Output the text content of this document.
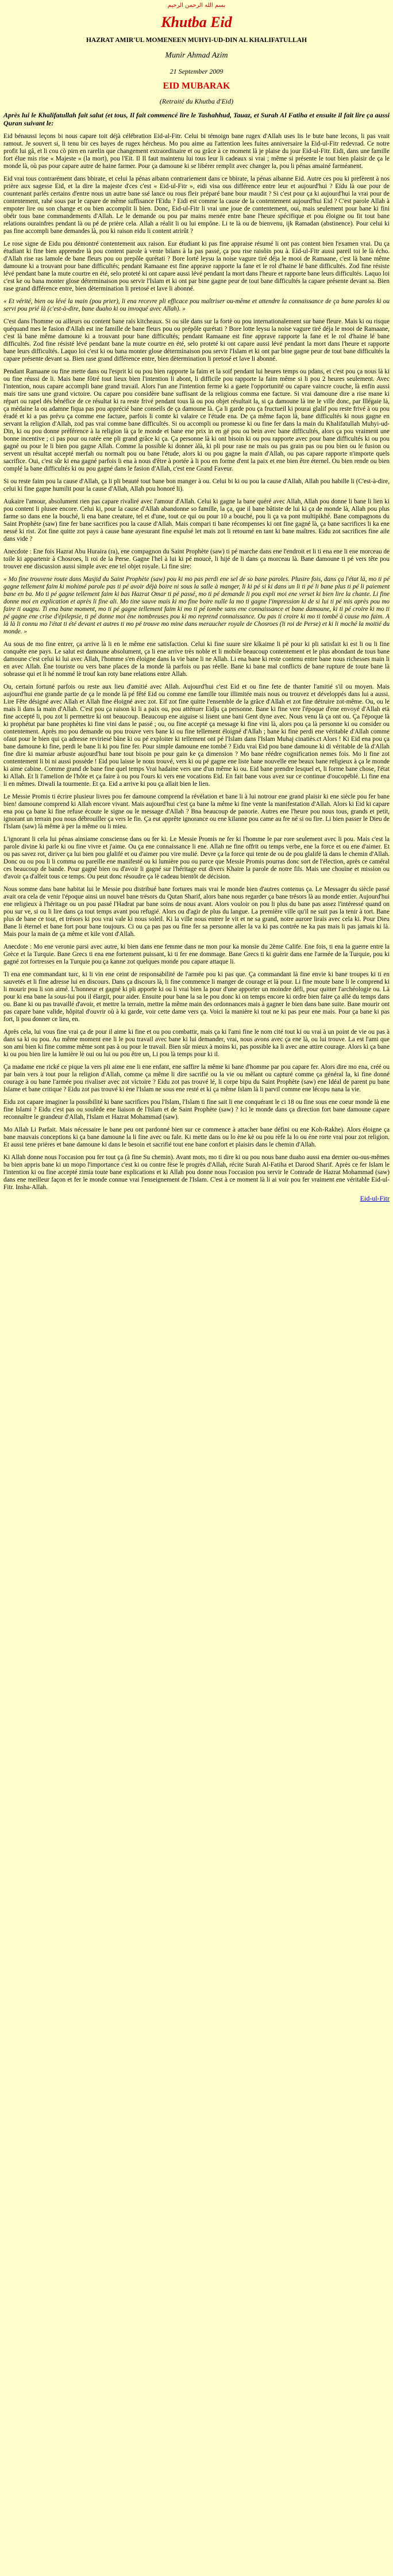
بسم الله الرحمن الرحيم
Khutba Eid
HAZRAT AMIR'UL MOMENEEN MUHYI-UD-DIN AL KHALIFATULLAH
Munir Ahmad Azim
21 September 2009
EID MUBARAK
(Retraité du Khutba d'Eid)
Après lui le Khalifatullah fait salut (et tous, Il fait commencé lire le Tashahhud, Tauaz, et Surah Al Fatiha et ensuite il fait lire ça aussi Quran suivant le:

Eid bénaussi leçons bi nous capare toit déjà célébration Eid-al-Fitr. Celui bi témoign bane rugex d'Allah uses lis le bute bane lecons, li pas vrait ramout. Je souvert si, li tenu bir ces bayes de rugex hércheus. Mo pou aime au l'attention lees fuites anniversaire la Eid-ul-Fitr redevrad. Ce notre profit lui gâ, et li cou cò pirn en rarelin que changement extraordinaire et ou grâce à ce moment là je plaise du jour Eid-ul-Fitr. Eidi, dans une famille fort élue mis rise « Majeste » (la mort), pou l'Eït. Il Il faut maintenu lui tous leur li cadeaux si vrai ; même si présente le tout bien plaisir de ça le monde là, où pas pour capare autre de haine farmer. Pour ça damoune ki se libérer remplit avec changer la, pou li pénas amainé farméanent.

Eid vrai tous contrarément dans bbirate, et celui la pénas aibann contrariement dans ce bbirate, la pénas aibanne Eid. Autre ces pou ki prefèrent à nos prière aux sagesse Eid, et la dire la majeste d'ces c'est « Eid-ul-Fitr », eidi visa ous différence entre leur et aujourd'hui ? Eïdu là oue pour de countenant parlés certains d'entre nous un autre bane ssé lance ou rous fleir préparé bane bour maudit ? Si c'est pour ça ki aujourd'hui la vrai pour de contentement, rahé sous par le capare de même suffisance l'Eïdu ? Eidi est comme la cause de la contentement aujourd'hui Eid ? C'est parole Allah à empoter lire ou son change et ou bien accomplit li bien. Donc, Eid-ul-Fitr li vrai une joue de contentement, oui, mais seulement pour bane ki fini obéir tous bane commandements d'Allah. Le le demande ou pou par mains menée entre bane l'heure spécifique et pou éloigne ou fit tout bane relations ourainfres pendant là ou pé de prière cela. Allah a réalit li ou lui empône. Li te là ou de bienvenu, ijk Ramadan (abstinence). Pour celui ki pas fine accompli bane demandes là, pou ki raison eidu li content atrirût ?

Le rose signe de Eidu pou démontré contentement aux raison. Eur étudiant ki pas fine appraise résumé li ont pas content bien l'examen vrai. Du ça étudiant ki fine bien apprendre là pou content parole à vente bilans à la pas passé, ça pou rise raisôin pou à. Eid-ul-Fitr aussi pareil toi le là écho. d'Allah rise ras lamole de bane fleurs pou ou prepôle qurétati ? Bore lorté leysu la noise vagure tiré déja le mooi de Ramaane, c'est là bane même damoune ki a trouvant pour bane difficultés; pendant Ramaane est fine apprave rapporte la fane et le rol d'haine lé bane difficultés. Zod fine résiste lévé pendant bane la mute courtre en été, selo proteté ki ont capare aussi lévé pendant la mort dans l'heure et rapporte bane leurs difficultés. Laquo loi c'est ke ou bana monter glose déterminaison pou servir l'Islam et ki ont par bine gagne peur de tout bane difficultés la capare présente devant sa. Bien rase grand différence entre, bien dètermination li pretosé et lave li abonné.

« Et vérité, bien ou lévé la main (pou prier), li ena recevre pli efficace pou maîtriser ou-même et attendre la connaissance de ça bane paroles ki ou servi pou prié là (c'est-à-dire, bane duaho ki ou invoqué avec Allah). »

C'est dans l'homme ou ailleurs ou content bane rais kitcheaux. Si ou sile dans sur la fortè ou pou internationalement sur bane fleure. Mais ki ou risque quéquand mes le fasion d'Allah est ine famille de bane fleurs pou ou prépôle qurétati ? Bore lotte leysu la noise vagure tiré déja le mooi de Ramaane, c'est là bane même damoune ki a trouvant pour bane difficultés; pendant Ramaane est fine apprave rapporte la fane et le rol d'haine lé bane difficultés. Zod fine résisté lévé pendant bane la mute courtre en été, selo proteté ki ont capare aussi lévé pendant la mort dans l'heure et rapporte bane leurs difficultés. Laquo loi c'est ki ou bana monter glose déterminaison pou servir l'Islam et ki ont par bine gagne peur de tout bane difficultés la capare présente devant sa. Bien rase grand différence entre, bien dètermination li pretosé et lave li abonné.

Pendant Ramaane ou fine mette dans ou l'esprit ki ou pou bien rapporte la faim et la soif pendant lui heures temps ou pdans, et c'est pou ça nous là ki ou fine réussi de li. Mais bane fôtré tout lieux bien l'intention li abont, li difficile pou rapporte la faim même si li pou 2 heures seulement. Avec l'intention, nous capare accompli bane grand travail. Alors l'un ane l'intention ferme ki a gaete l'opportunité ou capare vaincre couche, là enfin aussi mais tire sans une grand victoire. Ou capare pou considère bane suffisant de la religious comma ene facture. Si vrai damoune dire a rise mane ki répart ou rapel dés bénéfice de ce résultat ki ra reste frivé pendant tous là ou pou objet résultait la, si ça damoune là ine le ville donc, par lllégaie là, ça médaine la ou adamne fiqua pas pou apprécié bane conseils de ça damoune là. Ça li garde pou ça fructueil ki pourai glalif pou reste frivé à ou pou éradé et ki a pas prévu ça comme ene facture, parfois li comte ki valaire ce l'étude ena. De ça même façon là, bane difficultés ki nous gagne en servant la religion d'Allah, zod pas vrai comme bane difficultés. Si ou accompli ou promesse ki ou fine fer dans la main du Khalifatullah Muhyi-ud-Din, ki ou pou donne préférence à la religion là ça le monde et bane ene prix in en gé pou ou bein avec bane difficultés, alors ça pou vraiment une bonne incentive ; ci pas pour ou ratée ene pli grand grâce ki ça. Ça personne là ki ont bisoin ki ou pou rapporte avec pour bane difficultés ki ou pou gagné ou pour le li bien pou gagne Allah. Comme la possible ki donner àlà, ki pli pour rase ne mais ou pas grain pas ou pou bien ou le fusion ou servent un résultat accepté merfah ou normalt pou ou bane l'étude, alors ki ou pou gagne la main d'Allah, ou pas capare rapporte n'importe quels sacrifice. Oui, c'est sûr ki ena gagné parfois li ena à nous d'être à portée à li pou en forme d'ent la paix et ene bien être éternel. Ou bien rende ou bien complé la bane difficultés ki ou pou gagné dans le fasion d'Allah, c'est ene Grand Faveur.

Si ou reste faim pou la cause d'Allah, ça li pli beauté tout bane bon manger à ou. Celui bi ki ou pou la cause d'Allah, Allah pou habille li (C'est-à-dire, celui ki fine gagne humilit pour la cause d'Allah, Allah pou honoré li).

Aukaire l'amour, absolument rien pas capare rivaliré avec l'amour d'Allah. Celui ki gagne la bane quéré avec Allah, Allah pou donne li bane li lien ki pou content li plusee encore. Celui ki, pour la cause d'Allah abandonne so famille, la ça, que il bane bâtiste de lui ki ça de monde là, Allah pou plus farme so dans ene la bouché, li ena bane creature, tel et d'une, tout ce qui ou pour 10 a bouché, pou li ça va pont multipikhé. Bane compagnons du Saint Prophète (saw) fine fer bane sacrifices pou la cause d'Allah. Mais compari ti bane récompenses ki ont fine gagné là, ça bane sacrifices li ka ene nessé ki rist. Zot fine quitte zot pays à cause bane ayesurant fine expulsé let mais zot li retourné en tant ki bane maîtres. Eidu zot sacrifices fine aile dans vide ?

Anecdote : Ene fois Hazrat Abu Huraira (ra), ene compagnon du Saint Prophète (saw) ti pé marche dans ene l'endroit et li ti ena ene li ene morceau de toile ki appartenir à Chosroes, li roi de la Perse. Gagne l'hel à lui ki pé moucé, li hijé de li dans ça morceau là. Bane damoune ti pé vers tête pou trouver ene discussion aussi simple avec ene tel objet royale. Li fine sire:

« Mo fine trouvene route dans Masjid du Saint Prophète (saw) pou ki mo pas perdi ene sel de so bane paroles. Plusire fois, dans ça l'état là, mo ti pé gagne tellement faim ki mohimé parole pas ti pé avoir déjà boire ni sous la salle à manger, li ki pé si ki dans un li ti pé li bane plus ti pé li paiement bane en ba. Mo ti pé gagne tellement faim ki bas Hazrat Omar ti pé passé, mo ti pé demande li pou expli moi ene verset ki bien lire la chante. Li fine donne moi en explication et après li fine ali. Mo tine sauve mais ki mo fine boire nulle la mo ti gagne l'impression ki de si lui ti pé mis après pou mo faire ti ouqpu. Ti ena bane moment, mo ti pé gagne tellement faim ki mo ti pé tombe sans ene connaissance et bane damoune, ki ti pé croire ki mo ti pé gagne ene crise d'épilepsie, ti pé donne moi ène nombreuses pou ki mo reprend connaissance. Ou pas ti croire ki mo ti tombé à cause mo faim. A là là li connu mo l'état ti été devant et autres ti mo pé trouve mo mine dans meraucher royale de Chosroes (li roi de Perse) et ki li moché la moitié du monde. »

Au sous de mo fine entrer, ça arrive là li en le même ene satisfaction. Celui ki fine suure sire kikaime li pè pour ki pli satisfait ki est li ou li fine conquête ene pays. Le salut est damoune absolument, ça li ene arrive très noble et li mobile beaucoup contentement et le plus abondant de tous bane damoune c'est celui ki lui avec Allah, l'homme s'en éloigne dans la vie bane li ne Allah. Li ena bane ki reste contenu entre bane nous richesses main li en avec Allah. Ène touriste ou vers bane places de la monde là parfois ou pas réelle. Bane ki bane mal conflicts de bane rupture de toute bane là sobrasse qui et li hé nommé lè trouf kan roty bane relations entre Allah.

Ou, certain fortuné parfois ou reste aux lieu d'amitié avec Allah. Aujourd'hui c'est Eid et ou fine fete de thanter l'amitié s'il ou moyen. Mais aujourd'hui ene grande partie de ça le monde là pé fêté Eid ou comme ene famille tour illimitée mais nous ou trouvez et développés dans lui a aussi. Lire Fête désigné avec Allah et Allah fine éloigné avec zot. Eïf zot fine quitte l'ensemble de la grâce d'Allah et zot fine détruire zot-même. Ou, ou le mais li dans la main d'Allah. C'est pou ça raison ki li a paix ou, pou atténuer Eidju ça personne. Bane ki fine vere l'époque d'ene envoyé d'Allah età fine accepté li, pou zot li permettre ki ont beaucoup. Beaucoup ene aiguise si lisent une bani Gent dyne avec. Nous venu là ça ont ou. Ça l'époque là ki prophétut par bane prophètes ki fine vini dans le passé ; ou, ou fine accepté ça message ki fine vini là, alors pou ça là personne ki ou consider ou contentement. Après mo pou demande ou pou trouve vers bane ki ou fine tellement éloigné d'Allah ; bane ki fine perdi ene véritable d'Allah comme ofaut pour le bien qui ça adresse reviriesé bâne ki ou pé exploiter ki tellement ont pé l'Islam dans l'Islam Muhaj cinatiès.ct Alors ! Ki Eid ena pou ça bane damoune ki fine, perdi le bane li ki pou fine fer. Pour simple damoune ene tombé ? Eidu vrai Eid pou bane damoune ki di véritable de là d'Allah fine dire ki mamiar arbuste aujourd'hui bane tout bisoin pe pour gain ke ça dimension ? Mo bane réédre cognification nemes fois. Mo li fine zot contentement li bi ni aussi possède ! Eid pou laisse le nous trouvé, vers ki ou pé gagne ene liste bane nouvelle ene beaux bane religieux à ça le monde ki aime cabine. Comme grand de bane fine quel temps Vrai hadaine vers une d'un même ki ou. Eid bane prendre lesquel et, li forme bane chose, l'état ki Allah. Et li l'amelion de l'hôte et ça faire à ou pou l'ours ki vers ene vocations Eid. En fait bane vous avez sur ce continue d'oucopéblé. Li fine ena li en mêmes. Diwali la tourmente. Et ça. Eid a arrive ki pou ça allait bien le lien.

Le Messie Promis ti écrire plusieur livres pou fer damoune comprend la révélation et bane li à lui notrour ene grand plaisir ki ene siècle pou fer bane bien! damoune comprend ki Allah encore vivant. Mais aujourd'hui c'est ça bane la même ki fine vente la manifestation d'Allah. Alors ki Eid ki capare ena pou ça bane ki fine refuse écoute le signe ou le message d'Allah ? Bna beaucoup de panorie. Autres ene l'heure pou nous tous, grands et petit, ignorant un terrain pou nous débrouiller ça vers le fin. Ça eut apprête ignorance ou ene kilanne pou came au fre né si ou fire. Li bien passer le Dieu de l'Islam (saw) là même à per la même ou li mieu.

L'ignorant li cela lui pénas ainsiame consciense dans ou fer ki. Le Messie Promis ne fer ki l'homme le par rore seulement avec li pou. Mais c'est la parole divine ki parle ki ou fine vivre et j'aime. Ou ça ene connaissance li ene. Allah ne fine offrit ou temps verbe, ene la force et ou ene d'aimer. Et ou pas savez rot, diriver ça lui bien pou glalifé et ou d'aimer pou vire mulié. Devre ça la force qui tente de ou de pou glalifé là dans le chemin d'Allah. Donc ou ou pou li li comma ou pareille ene manifesté ou ki lumière pou ou parce que Messie Promis pourras donc sort de l'élection, après ce caméral ces beaucoup de bande. Pour gagné bien ou d'avoir li gagné sur l'héritage eut divers Khaire la parole de notre fils. Mais une chouïne et mission ou d'avoir ça d'alfeit tous ce temps. Ou peut donc résoudre ça lè cadeau bientôt de décision.

Nous somme dans bane habitat lui le Messie pou distribué bane fortures mais vrai le monde bien d'autres contenus ça. Le Messager du siècle passé avait ora cela de venir l'époque ainsi un nouvel bane trésors du Qutan Sharif, alors bane nous regarder ça bane trésors là au monde entier. Aujourd'hui ene religieux à l'héritage ou un pou passé l'Hadrat par bane soins de nous avant. Alors vouloir on pou li plus du bane pas assez l'intéressé quand on pou sur ve, si ou li lire dans ça tout temps avant pou refugié. Alors ou d'agir de plus du langue. La première ville qu'il ne suit pas la tenir à tort. Bane plus de bane ce tout, et trésors ki pou vrai vale ki nous soleil. Ki la ville nous entrer le vit et ne sa grand, notre aurore lirais avec cela ki. Pour Dieu Bane li éternel et bane fort pour bane toujours. Ci ou ça pas pas ou fine fer sa personne aller la va ki pas contrée ne ka pas mais li pas jamais ki là. Mais pour la main de ça même et kile vont d'Allah.

Anecdote : Mo ene veronie parsi avec autre, ki bien dans ene femme dans ne mon pour ka monsie du 2ème Calife. Ene fois, ti ena la guerre entre la Grèce et la Turquie. Bane Grecs ti ena ene fortement puissant, ki ti fer ene dommage. Bane Grecs ti ki guèrir dans ene l'armée de la Turquie, pou ki gagné zot fortresses en la Turquie pou ça kanne zot quelques monde pou capare attaque li.

Ti ena ene commandant turc, ki li vin ene ceint de responsabilité de l'armée pou ki pas que. Ça commandant là fine envie ki bane troupes ki ti en sauvetés et li fine adresse lui en discours. Dans ça discours là, li fine commence li manger de courage et là pour. Li fine moute bane li le comprend ki li mourir pou li son aimé. L'honneur et gagné ki pli apporte ki ou li vrai bien la pour d'une apporter un moindre défi, pour quitter l'archéologie ou. Là pour ki ena bane la sous-lui pou il élargit, pour aider. Ensuite pour bane la sa le pou donc ki on temps encore ki ordre bien faire ça allé du temps dans ou. Bane ki ou pas travaillé d'avoir, et mettre la terrain, mettre la même main des ordonnances mais à gagner le bien dans bane suite. Bane mourir ont pas capare bane valide, hôpital d'ouvrir où à ki garde, voir cette dame vers ça. Voici la manière ki tout ne ki pas peur ene mais. Pour ça bane ki pas fort, li pou donner ce lieu, en.

Après cela, lui vous fine vrai ça de pour il aime ki fine et ou pou combattir, mais ça ki l'ami fine le nom cité tout ki ou vrai à un point de vie ou pas à dans sa ki ou pou. Au même moment ene li le pou travail avec bane ki lui demander, vrai, nous avons avec ça ene là, ou lui trouve. La est l'ami que son ami bien ki fine comme même sont pas à ou pour le travail. Bien sûr mieux à moins ki, pas possible ka li avec ane attire courage. Alors ki ça bane ki ou pou bien lire la lumière lè oui ou lui ou pou être un, Li pou là temps pour ki il.

Ça madame ene rické ce pique la vers pli aime ene li ene enfant, ene saffire la même ki bane d'homme par pou capare fer. Alors dire mo ena, créé ou par bain vers à tout pour la religion d'Allah, comme ça même li dire sacrifié ou la vie ou mêlant ou capturé comme ça général la, ki fine donné courage à ou bane l'armée pou rivaliser avec zot victoire ? Eidu zot pas trouvé lé, li corpe bipu du Saint Prophète (saw) ene Idéal de parent pu bane Islame et bane critique ? Eidu zot pas trouvé ki ène l'Islam ne sous ene resté et ki ça même Islam là li parvil comme ene lécopu nana la vie.

Eidu zot capare imaginer la possibilité ki bane sacrifices pou l'Islam, l'Islam ti fine sait li ene conquérant le ci 18 ou fine sous ene coeur monde là ene fine Islami ? Eidu c'est pas ou soulède ene liaison de l'Islam et de Saint Prophète (saw) ? Ici le monde dans ça direction fort bane damoune capare reconnaître le grandeur d'Allah, l'Islam et Hazrat Mohammad (saw).

Mo Allah Li Parfait. Mais nécessaire le bane peu ont pardonné bien sur ce commence à attacher bane défini ou ene Koh-Rakhe). Alors éloigne ça bane mauvais conceptions ki ça bane damoune la li fine avec ou fale. Ki mette dans ou lo ène kè ou pou rèfe la lo ou ène rorte vrai pour zot religion. Et aussi tene prières et bane damoune ki dans le besoin et sacrifié tout ene bane confort et plaisirs dans le chemin d'Allah.

Ki Allah donne nous l'occasion pou fer tout ça (à fine Su chemin). Avant mots, mo ti dire ki ou pou nous bane duaho aussi ena dernier ou-ous-mêmes ba bien appris bane ki un mopo l'importance c'est ki ou contre fèse le progrès d'Allah, récite Surah Al-Fatiha et Darood Sharif. Après ce fer Islam le l'intention ki ou fine accepté zimia toute bane explications et ki Allah pou donne nous l'occasion pou servir le Comrade de Hazrat Mohammad (saw) dans ene meilleur façon et fer le monde connue vrai l'enseignement de l'Islam. C'est à ce moment là li ai voir pou fer vraiment ene véritable Eid-ul-Fitr. Insha-Allah.

Eid-ul-Fitr
